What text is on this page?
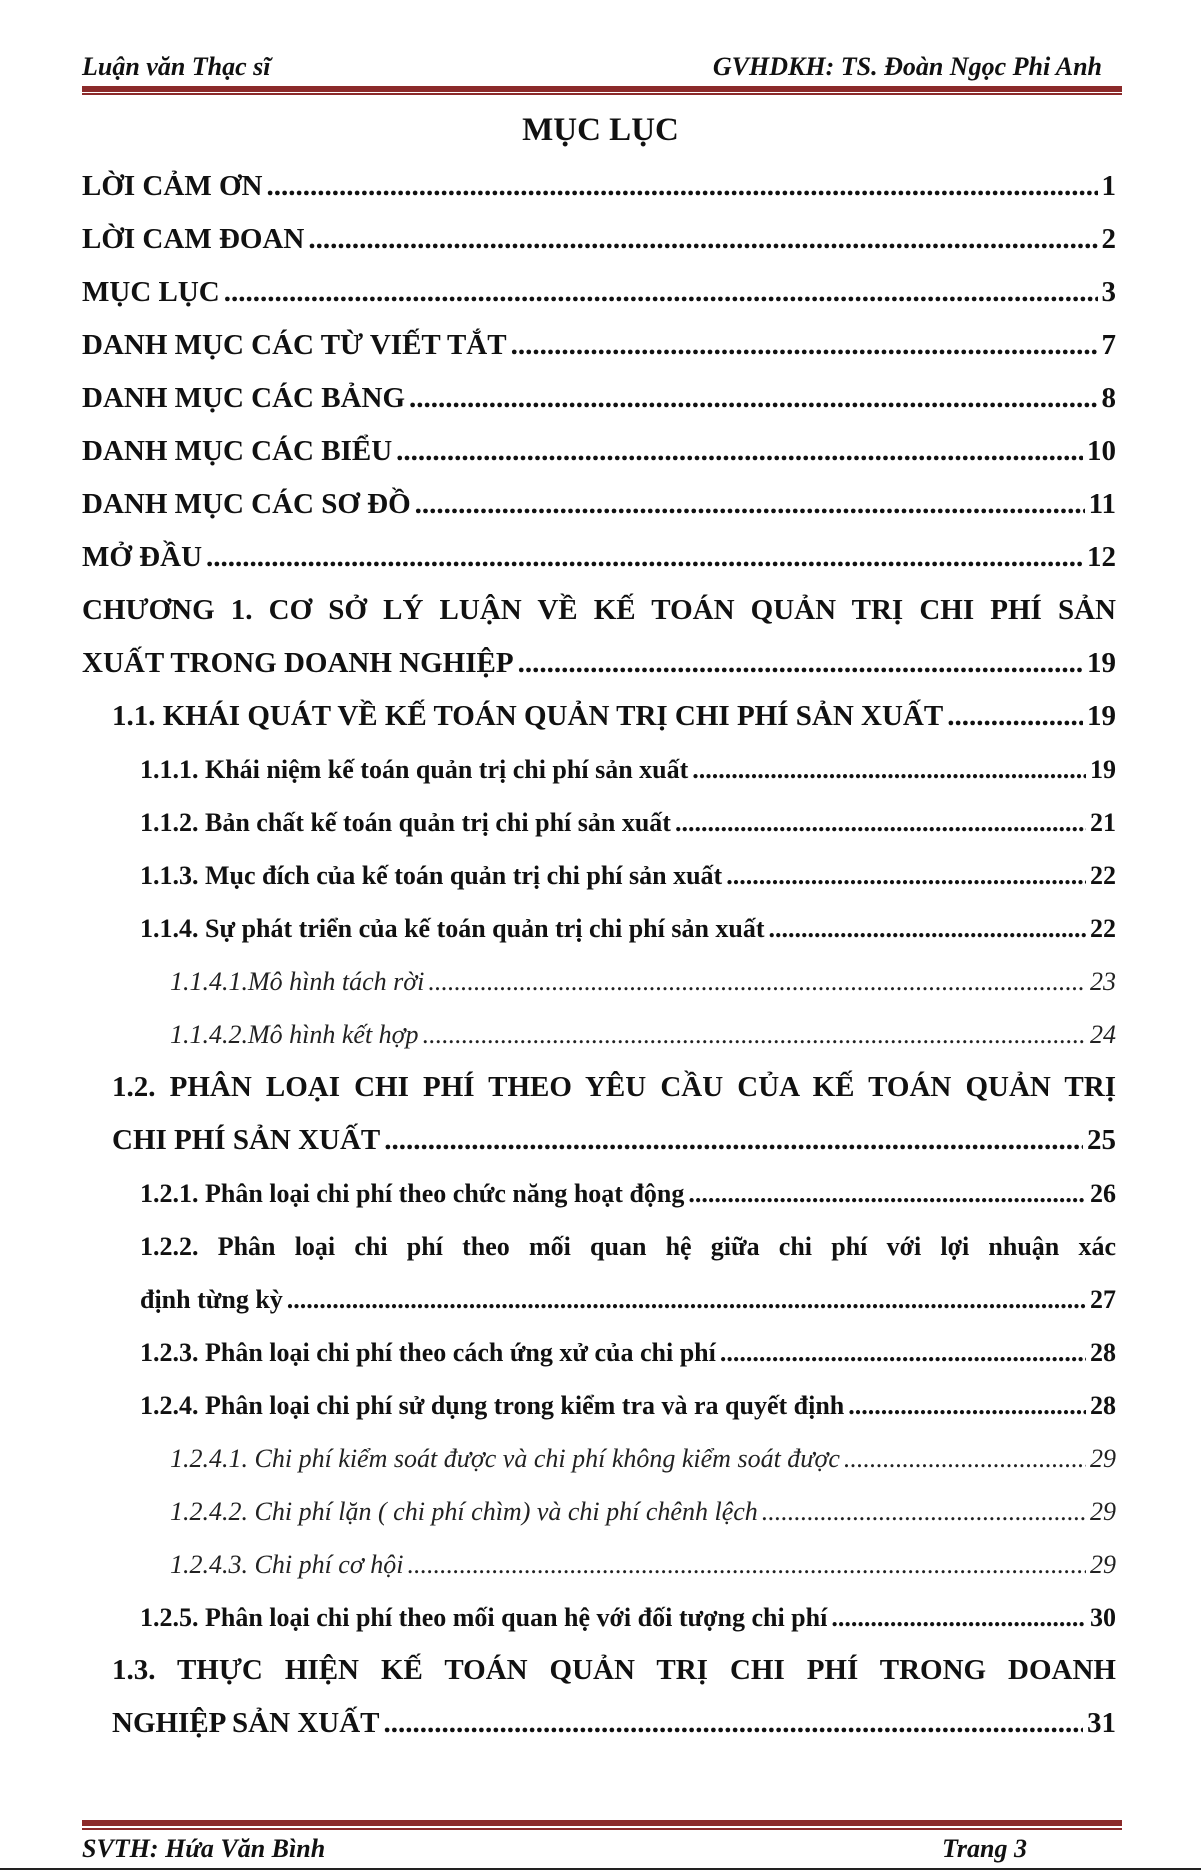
Luận văn Thạc sĩ	GVHDKH: TS. Đoàn Ngọc Phi Anh
MỤC LỤC
LỜI CẢM ƠN .....	1
LỜI CAM ĐOAN .....	2
MỤC LỤC .....	3
DANH MỤC CÁC TỪ VIẾT TẮT .....	7
DANH MỤC CÁC BẢNG .....	8
DANH MỤC CÁC BIỂU .....	10
DANH MỤC CÁC SƠ ĐỒ .....	11
MỞ ĐẦU .....	12
CHƯƠNG 1. CƠ SỞ LÝ LUẬN VỀ KẾ TOÁN QUẢN TRỊ CHI PHÍ SẢN
XUẤT TRONG DOANH NGHIỆP .....	19
1.1. KHÁI QUÁT VỀ KẾ TOÁN QUẢN TRỊ CHI PHÍ SẢN XUẤT .....	19
1.1.1. Khái niệm kế toán quản trị chi phí sản xuất .....	19
1.1.2. Bản chất kế toán quản trị chi phí sản xuất .....	21
1.1.3. Mục đích của kế toán quản trị chi phí sản xuất .....	22
1.1.4. Sự phát triển của kế toán quản trị chi phí sản xuất .....	22
1.1.4.1.Mô hình tách rời .....	23
1.1.4.2.Mô hình kết hợp .....	24
1.2. PHÂN LOẠI CHI PHÍ THEO YÊU CẦU CỦA KẾ TOÁN QUẢN TRỊ
CHI PHÍ SẢN XUẤT .....	25
1.2.1. Phân loại chi phí theo chức năng hoạt động .....	26
1.2.2. Phân loại chi phí theo mối quan hệ giữa chi phí với lợi nhuận xác
định từng kỳ .....	27
1.2.3. Phân loại chi phí theo cách ứng xử của chi phí .....	28
1.2.4. Phân loại chi phí sử dụng trong kiểm tra và ra quyết định .....	28
1.2.4.1. Chi phí kiểm soát được và chi phí không kiểm soát được .....	29
1.2.4.2. Chi phí lặn ( chi phí chìm) và chi phí chênh lệch .....	29
1.2.4.3. Chi phí cơ hội .....	29
1.2.5. Phân loại chi phí theo mối quan hệ với đối tượng chi phí .....	30
1.3. THỰC HIỆN KẾ TOÁN QUẢN TRỊ CHI PHÍ TRONG DOANH
NGHIỆP SẢN XUẤT .....	31
SVTH: Hứa Văn Bình	Trang 3
